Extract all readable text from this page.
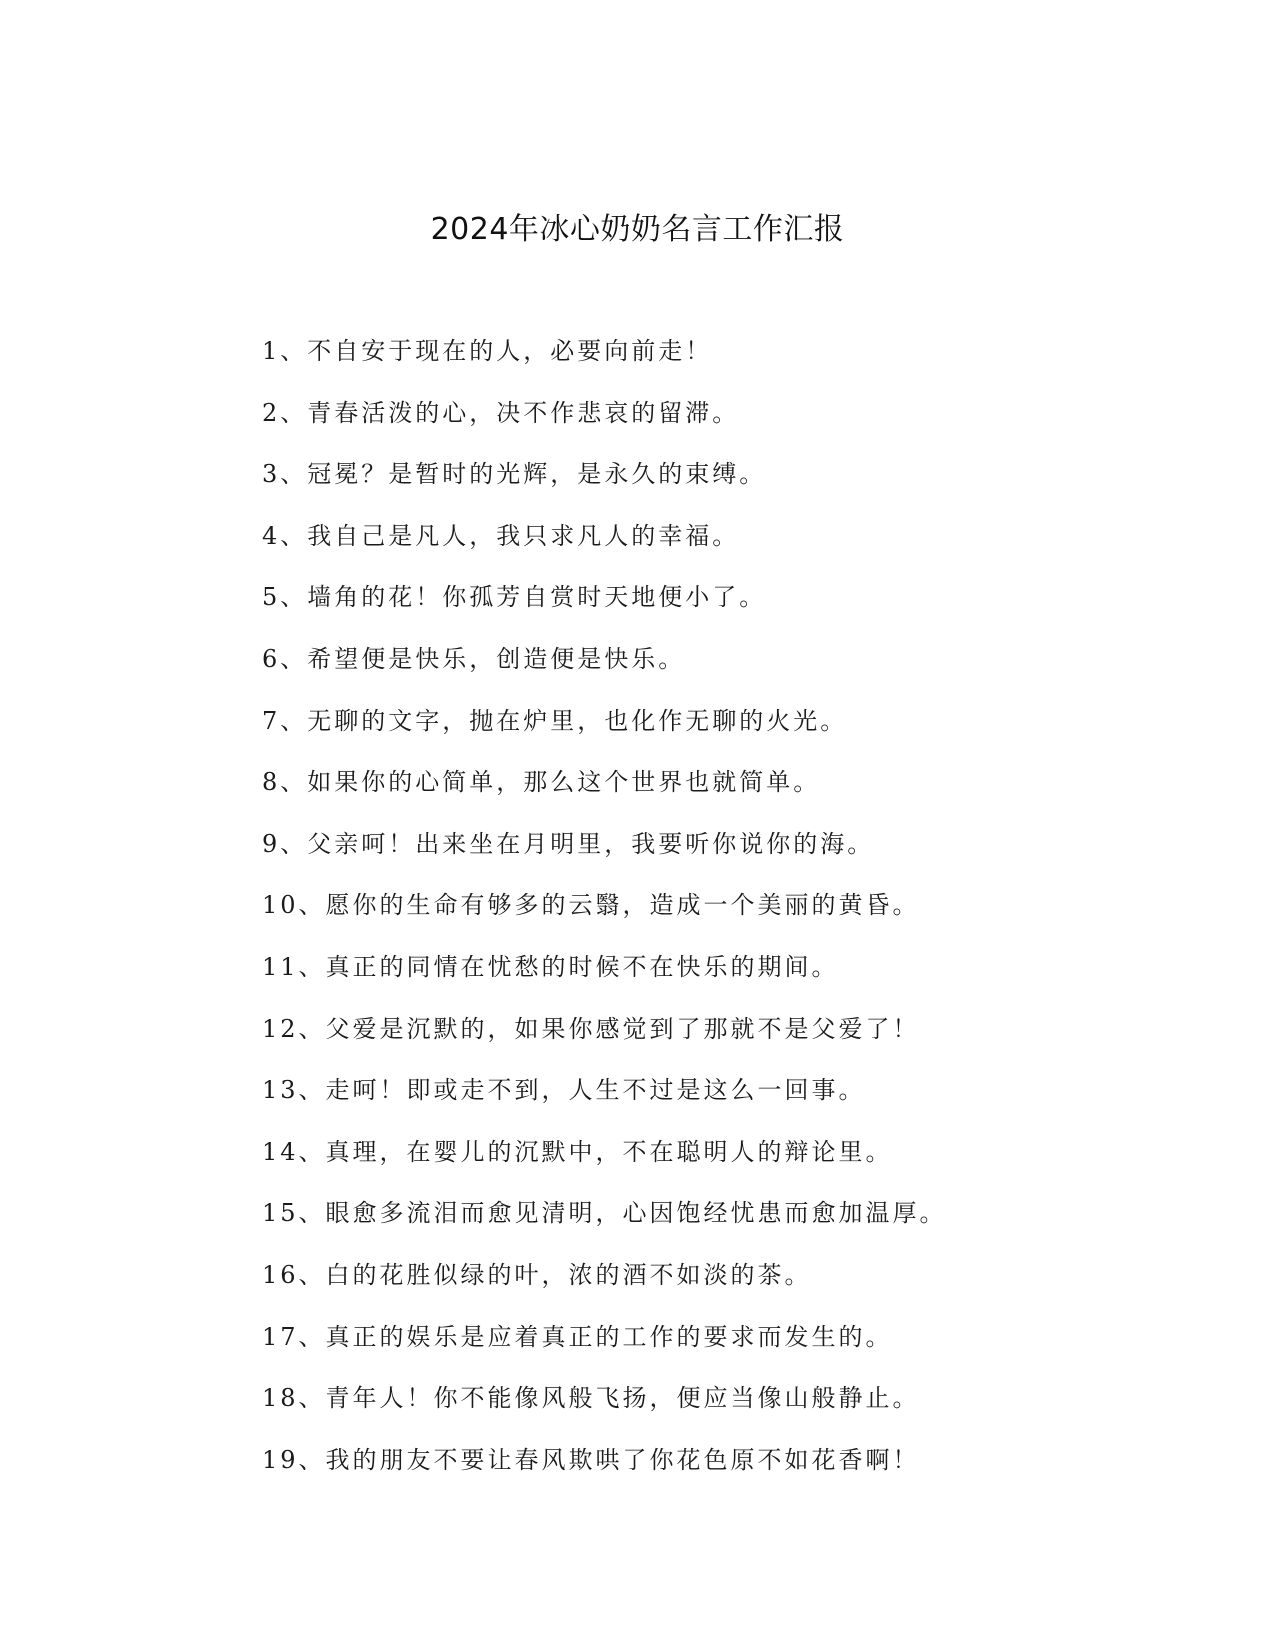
2024年冰心奶奶名言工作汇报
1、不自安于现在的人，必要向前走！
2、青春活泼的心，决不作悲哀的留滞。
3、冠冕？是暂时的光辉，是永久的束缚。
4、我自己是凡人，我只求凡人的幸福。
5、墙角的花！你孤芳自赏时天地便小了。
6、希望便是快乐，创造便是快乐。
7、无聊的文字，抛在炉里，也化作无聊的火光。
8、如果你的心简单，那么这个世界也就简单。
9、父亲呵！出来坐在月明里，我要听你说你的海。
10、愿你的生命有够多的云翳，造成一个美丽的黄昏。
11、真正的同情在忧愁的时候不在快乐的期间。
12、父爱是沉默的，如果你感觉到了那就不是父爱了！
13、走呵！即或走不到，人生不过是这么一回事。
14、真理，在婴儿的沉默中，不在聪明人的辩论里。
15、眼愈多流泪而愈见清明，心因饱经忧患而愈加温厚。
16、白的花胜似绿的叶，浓的酒不如淡的茶。
17、真正的娱乐是应着真正的工作的要求而发生的。
18、青年人！你不能像风般飞扬，便应当像山般静止。
19、我的朋友不要让春风欺哄了你花色原不如花香啊！
